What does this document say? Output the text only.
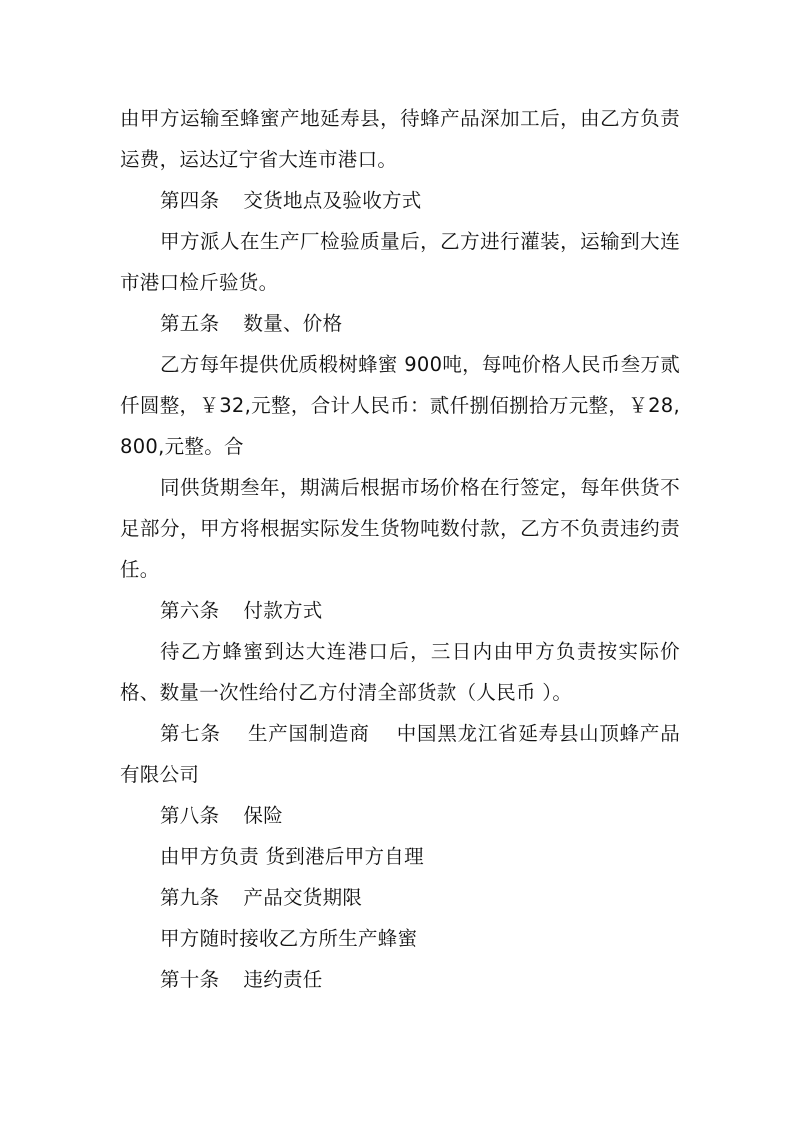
由甲方运输至蜂蜜产地延寿县，待蜂产品深加工后，由乙方负责运费，运达辽宁省大连市港口。

第四条 交货地点及验收方式

甲方派人在生产厂检验质量后，乙方进行灌装，运输到大连市港口检斤验货。

第五条 数量、价格

乙方每年提供优质椴树蜂蜜 900吨，每吨价格人民币叁万贰仟圆整，￥32,元整，合计人民币：贰仟捌佰捌拾万元整，￥28,800,元整。合

同供货期叁年，期满后根据市场价格在行签定，每年供货不足部分，甲方将根据实际发生货物吨数付款，乙方不负责违约责任。

第六条 付款方式

待乙方蜂蜜到达大连港口后，三日内由甲方负责按实际价格、数量一次性给付乙方付清全部货款（人民币 ）。

第七条　 生产国制造商　 中国黑龙江省延寿县山顶蜂产品有限公司

第八条 保险

由甲方负责 货到港后甲方自理

第九条 产品交货期限

甲方随时接收乙方所生产蜂蜜

第十条 违约责任
